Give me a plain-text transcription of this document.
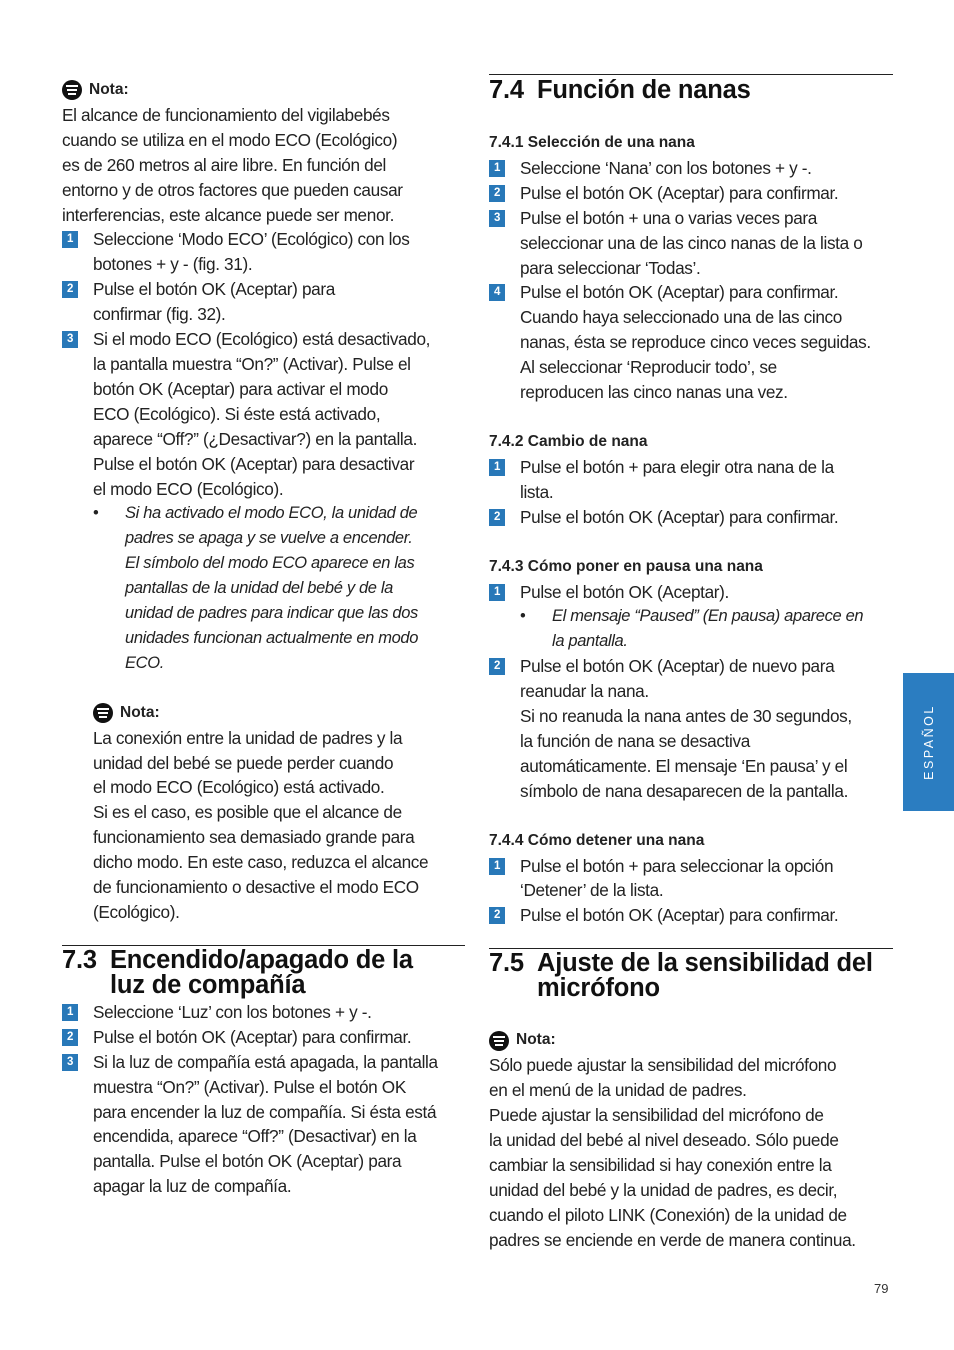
Nota:

El alcance de funcionamiento del vigilabebés
cuando se utiliza en el modo ECO (Ecológico)
es de 260 metros al aire libre. En función del
entorno y de otros factores que pueden causar
interferencias, este alcance puede ser menor.

1 Seleccione ‘Modo ECO’ (Ecológico) con los
botones + y - (fig. 31).
2 Pulse el botón OK (Aceptar) para
confirmar (fig. 32).
3 Si el modo ECO (Ecológico) está desactivado,
la pantalla muestra “On?” (Activar). Pulse el
botón OK (Aceptar) para activar el modo
ECO (Ecológico). Si éste está activado,
aparece “Off?” (¿Desactivar?) en la pantalla.
Pulse el botón OK (Aceptar) para desactivar
el modo ECO (Ecológico).
•	Si ha activado el modo ECO, la unidad de
padres se apaga y se vuelve a encender.
El símbolo del modo ECO aparece en las
pantallas de la unidad del bebé y de la
unidad de padres para indicar que las dos
unidades funcionan actualmente en modo
ECO.

Nota:

La conexión entre la unidad de padres y la
unidad del bebé se puede perder cuando
el modo ECO (Ecológico) está activado.
Si es el caso, es posible que el alcance de
funcionamiento sea demasiado grande para
dicho modo. En este caso, reduzca el alcance
de funcionamiento o desactive el modo ECO
(Ecológico).

7.3 Encendido/apagado de la
luz de compañía
1 Seleccione ‘Luz’ con los botones + y -.
2 Pulse el botón OK (Aceptar) para confirmar.
3 Si la luz de compañía está apagada, la pantalla
muestra “On?” (Activar). Pulse el botón OK
para encender la luz de compañía. Si ésta está
encendida, aparece “Off?” (Desactivar) en la
pantalla. Pulse el botón OK (Aceptar) para
apagar la luz de compañía.
7.4 Función de nanas

7.4.1 Selección de una nana

1 Seleccione ‘Nana’ con los botones + y -.
2 Pulse el botón OK (Aceptar) para confirmar.
3 Pulse el botón + una o varias veces para
seleccionar una de las cinco nanas de la lista o
para seleccionar ‘Todas’.
4 Pulse el botón OK (Aceptar) para confirmar.
Cuando haya seleccionado una de las cinco
nanas, ésta se reproduce cinco veces seguidas.
Al seleccionar ‘Reproducir todo’, se
reproducen las cinco nanas una vez.

7.4.2 Cambio de nana

1 Pulse el botón + para elegir otra nana de la
lista.
2 Pulse el botón OK (Aceptar) para confirmar.

7.4.3 Cómo poner en pausa una nana

1 Pulse el botón OK (Aceptar).
•	El mensaje “Paused” (En pausa) aparece en
la pantalla.
2 Pulse el botón OK (Aceptar) de nuevo para
reanudar la nana.
Si no reanuda la nana antes de 30 segundos,
la función de nana se desactiva
automáticamente. El mensaje ‘En pausa’ y el
símbolo de nana desaparecen de la pantalla.

7.4.4 Cómo detener una nana

1 Pulse el botón + para seleccionar la opción
‘Detener’ de la lista.
2 Pulse el botón OK (Aceptar) para confirmar.
7.5 Ajuste de la sensibilidad del
micrófono

Nota:

Sólo puede ajustar la sensibilidad del micrófono
en el menú de la unidad de padres.
Puede ajustar la sensibilidad del micrófono de
la unidad del bebé al nivel deseado. Sólo puede
cambiar la sensibilidad si hay conexión entre la
unidad del bebé y la unidad de padres, es decir,
cuando el piloto LINK (Conexión) de la unidad de
padres se enciende en verde de manera continua.

ESPAÑOL
79
